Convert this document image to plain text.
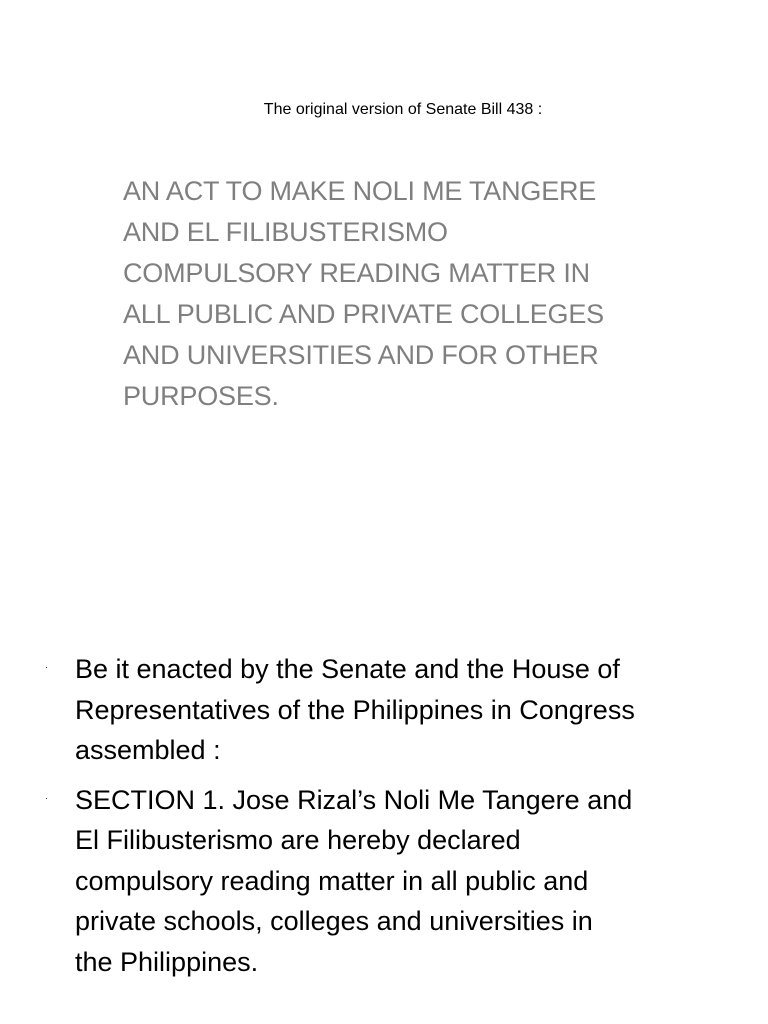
The original version of Senate Bill 438 :
AN ACT TO MAKE NOLI ME TANGERE
AND EL FILIBUSTERISMO
COMPULSORY READING MATTER IN
ALL PUBLIC AND PRIVATE COLLEGES
AND UNIVERSITIES AND FOR OTHER
PURPOSES.
· Be it enacted by the Senate and the House of
Representatives of the Philippines in Congress
assembled :
· SECTION 1. Jose Rizal’s Noli Me Tangere and
El Filibusterismo are hereby declared
compulsory reading matter in all public and
private schools, colleges and universities in
the Philippines.
